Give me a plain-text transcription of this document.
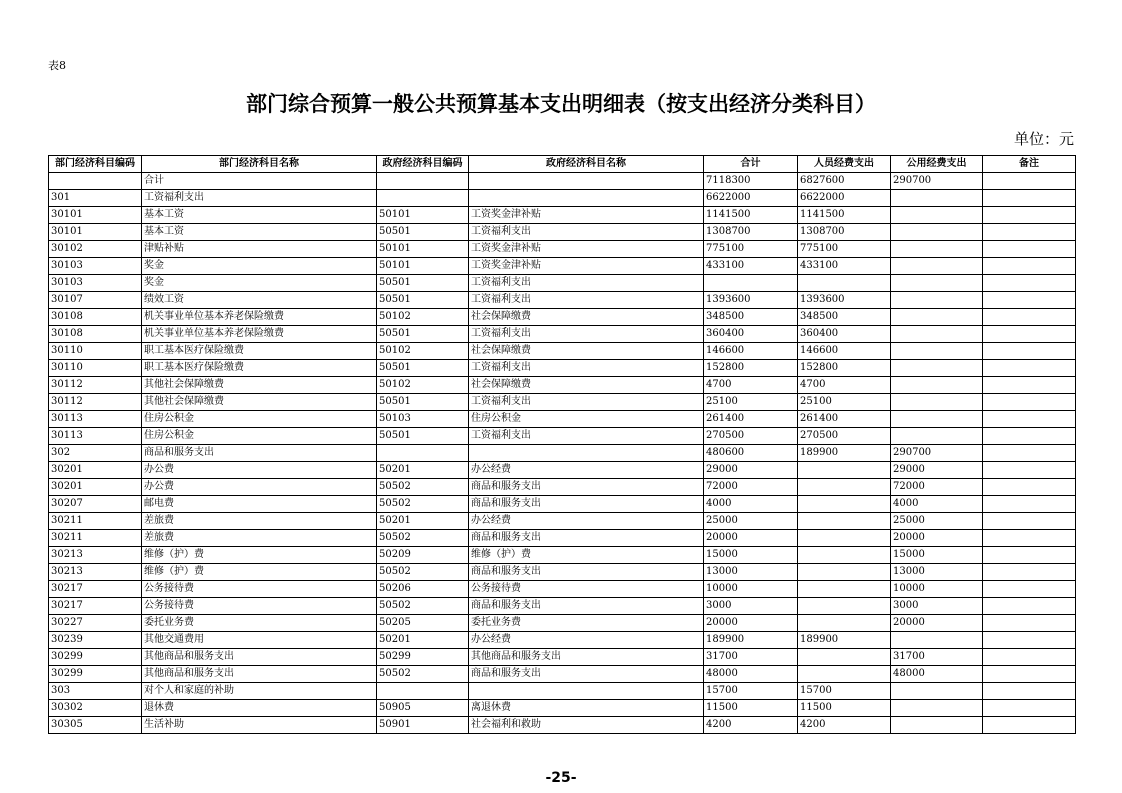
表8
部门综合预算一般公共预算基本支出明细表（按支出经济分类科目）
单位：元
部门经济科目编码	部门经济科目名称	政府经济科目编码	政府经济科目名称	合计	人员经费支出	公用经费支出	备注
	合计			7118300	6827600	290700	
301	工资福利支出			6622000	6622000		
30101	基本工资	50101	工资奖金津补贴	1141500	1141500		
30101	基本工资	50501	工资福利支出	1308700	1308700		
30102	津贴补贴	50101	工资奖金津补贴	775100	775100		
30103	奖金	50101	工资奖金津补贴	433100	433100		
30103	奖金	50501	工资福利支出				
30107	绩效工资	50501	工资福利支出	1393600	1393600		
30108	机关事业单位基本养老保险缴费	50102	社会保障缴费	348500	348500		
30108	机关事业单位基本养老保险缴费	50501	工资福利支出	360400	360400		
30110	职工基本医疗保险缴费	50102	社会保障缴费	146600	146600		
30110	职工基本医疗保险缴费	50501	工资福利支出	152800	152800		
30112	其他社会保障缴费	50102	社会保障缴费	4700	4700		
30112	其他社会保障缴费	50501	工资福利支出	25100	25100		
30113	住房公积金	50103	住房公积金	261400	261400		
30113	住房公积金	50501	工资福利支出	270500	270500		
302	商品和服务支出			480600	189900	290700	
30201	办公费	50201	办公经费	29000		29000	
30201	办公费	50502	商品和服务支出	72000		72000	
30207	邮电费	50502	商品和服务支出	4000		4000	
30211	差旅费	50201	办公经费	25000		25000	
30211	差旅费	50502	商品和服务支出	20000		20000	
30213	维修（护）费	50209	维修（护）费	15000		15000	
30213	维修（护）费	50502	商品和服务支出	13000		13000	
30217	公务接待费	50206	公务接待费	10000		10000	
30217	公务接待费	50502	商品和服务支出	3000		3000	
30227	委托业务费	50205	委托业务费	20000		20000	
30239	其他交通费用	50201	办公经费	189900	189900		
30299	其他商品和服务支出	50299	其他商品和服务支出	31700		31700	
30299	其他商品和服务支出	50502	商品和服务支出	48000		48000	
303	对个人和家庭的补助			15700	15700		
30302	退休费	50905	离退休费	11500	11500		
30305	生活补助	50901	社会福利和救助	4200	4200		
-25-
